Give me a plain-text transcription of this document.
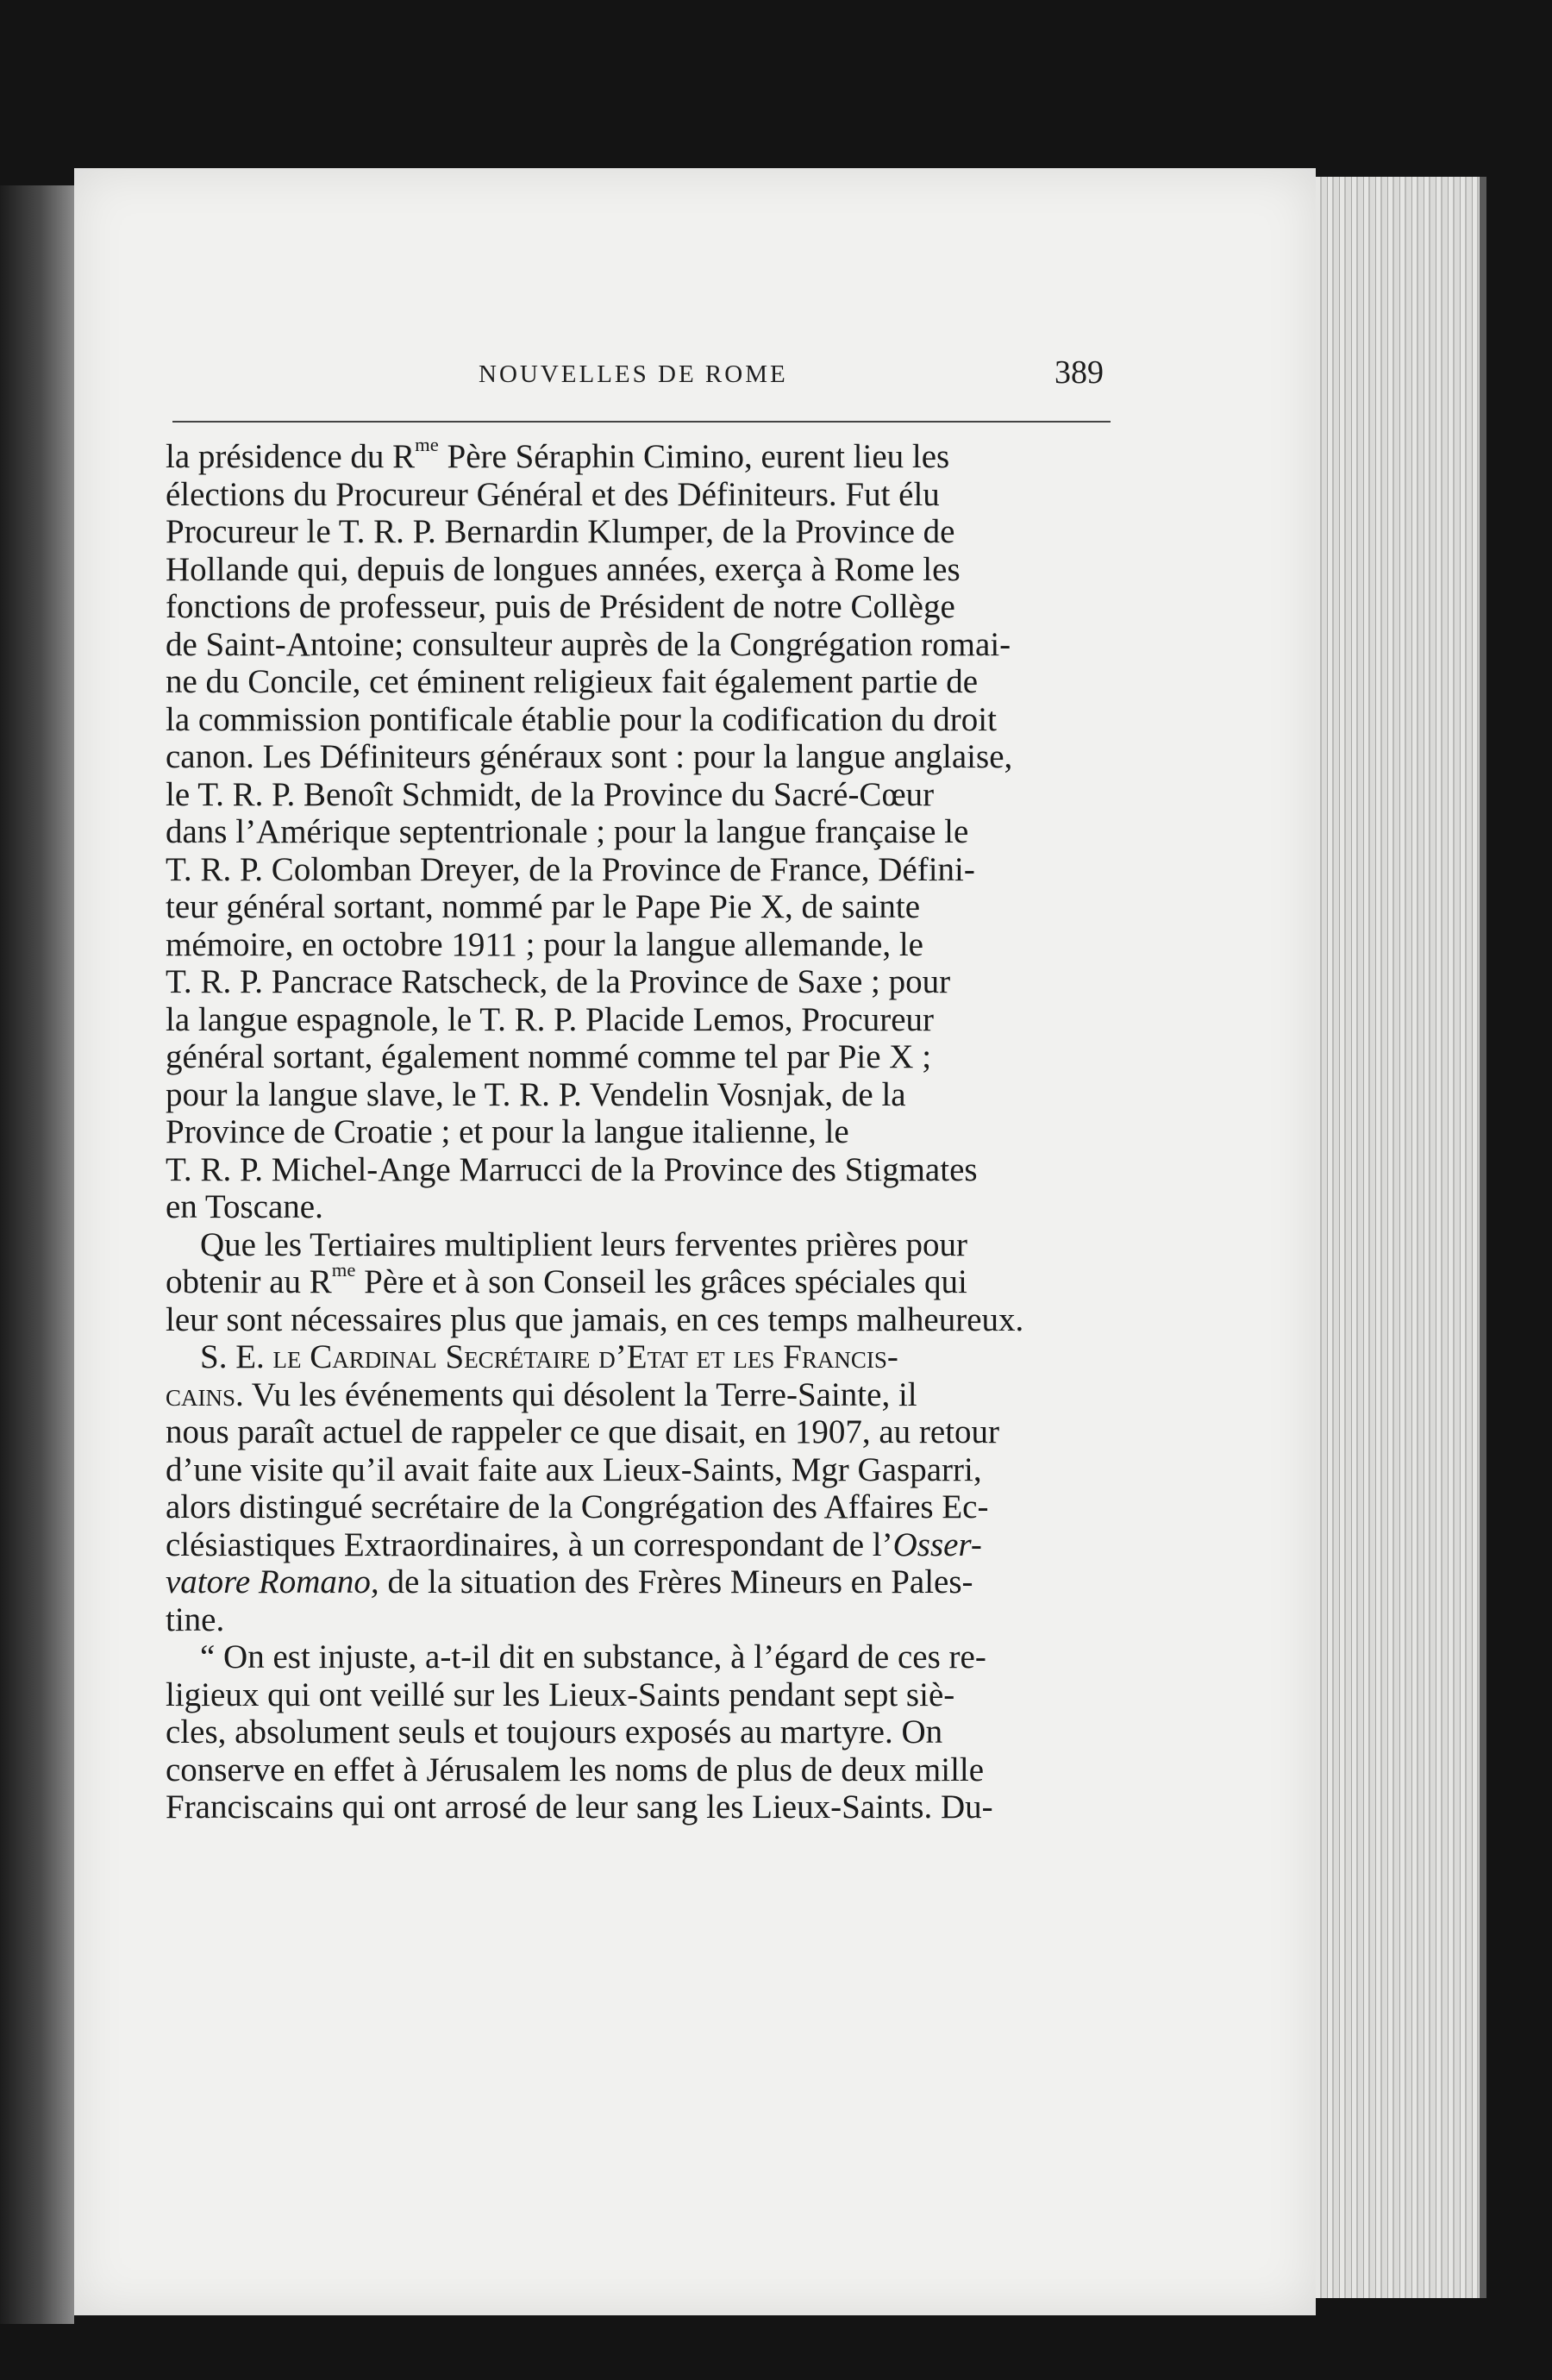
NOUVELLES DE ROME	389
la présidence du $R^{me}$ Père Séraphin Cimino, eurent lieu les
élections du Procureur Général et des Définiteurs. Fut élu
Procureur le T. R. P. Bernardin Klumper, de la Province de
Hollande qui, depuis de longues années, exerça à Rome les
fonctions de professeur, puis de Président de notre Collège
de Saint-Antoine; consulteur auprès de la Congrégation romai-
ne du Concile, cet éminent religieux fait également partie de
la commission pontificale établie pour la codification du droit
canon. Les Définiteurs généraux sont : pour la langue anglaise,
le T. R. P. Benoît Schmidt, de la Province du Sacré-Cœur
dans l’Amérique septentrionale ; pour la langue française le
T. R. P. Colomban Dreyer, de la Province de France, Défini-
teur général sortant, nommé par le Pape Pie X, de sainte
mémoire, en octobre 1911 ; pour la langue allemande, le
T. R. P. Pancrace Ratscheck, de la Province de Saxe ; pour
la langue espagnole, le T. R. P. Placide Lemos, Procureur
général sortant, également nommé comme tel par Pie X ;
pour la langue slave, le T. R. P. Vendelin Vosnjak, de la
Province de Croatie ; et pour la langue italienne, le
T. R. P. Michel-Ange Marrucci de la Province des Stigmates
en Toscane.
Que les Tertiaires multiplient leurs ferventes prières pour
obtenir au $R^{me}$ Père et à son Conseil les grâces spéciales qui
leur sont nécessaires plus que jamais, en ces temps malheureux.
S. E. le Cardinal Secrétaire d’Etat et les Francis-
cains. Vu les événements qui désolent la Terre-Sainte, il
nous paraît actuel de rappeler ce que disait, en 1907, au retour
d’une visite qu’il avait faite aux Lieux-Saints, Mgr Gasparri,
alors distingué secrétaire de la Congrégation des Affaires Ec-
clésiastiques Extraordinaires, à un correspondant de l’Osser-
vatore Romano, de la situation des Frères Mineurs en Pales-
tine.
“ On est injuste, a-t-il dit en substance, à l’égard de ces re-
ligieux qui ont veillé sur les Lieux-Saints pendant sept siè-
cles, absolument seuls et toujours exposés au martyre. On
conserve en effet à Jérusalem les noms de plus de deux mille
Franciscains qui ont arrosé de leur sang les Lieux-Saints. Du-
